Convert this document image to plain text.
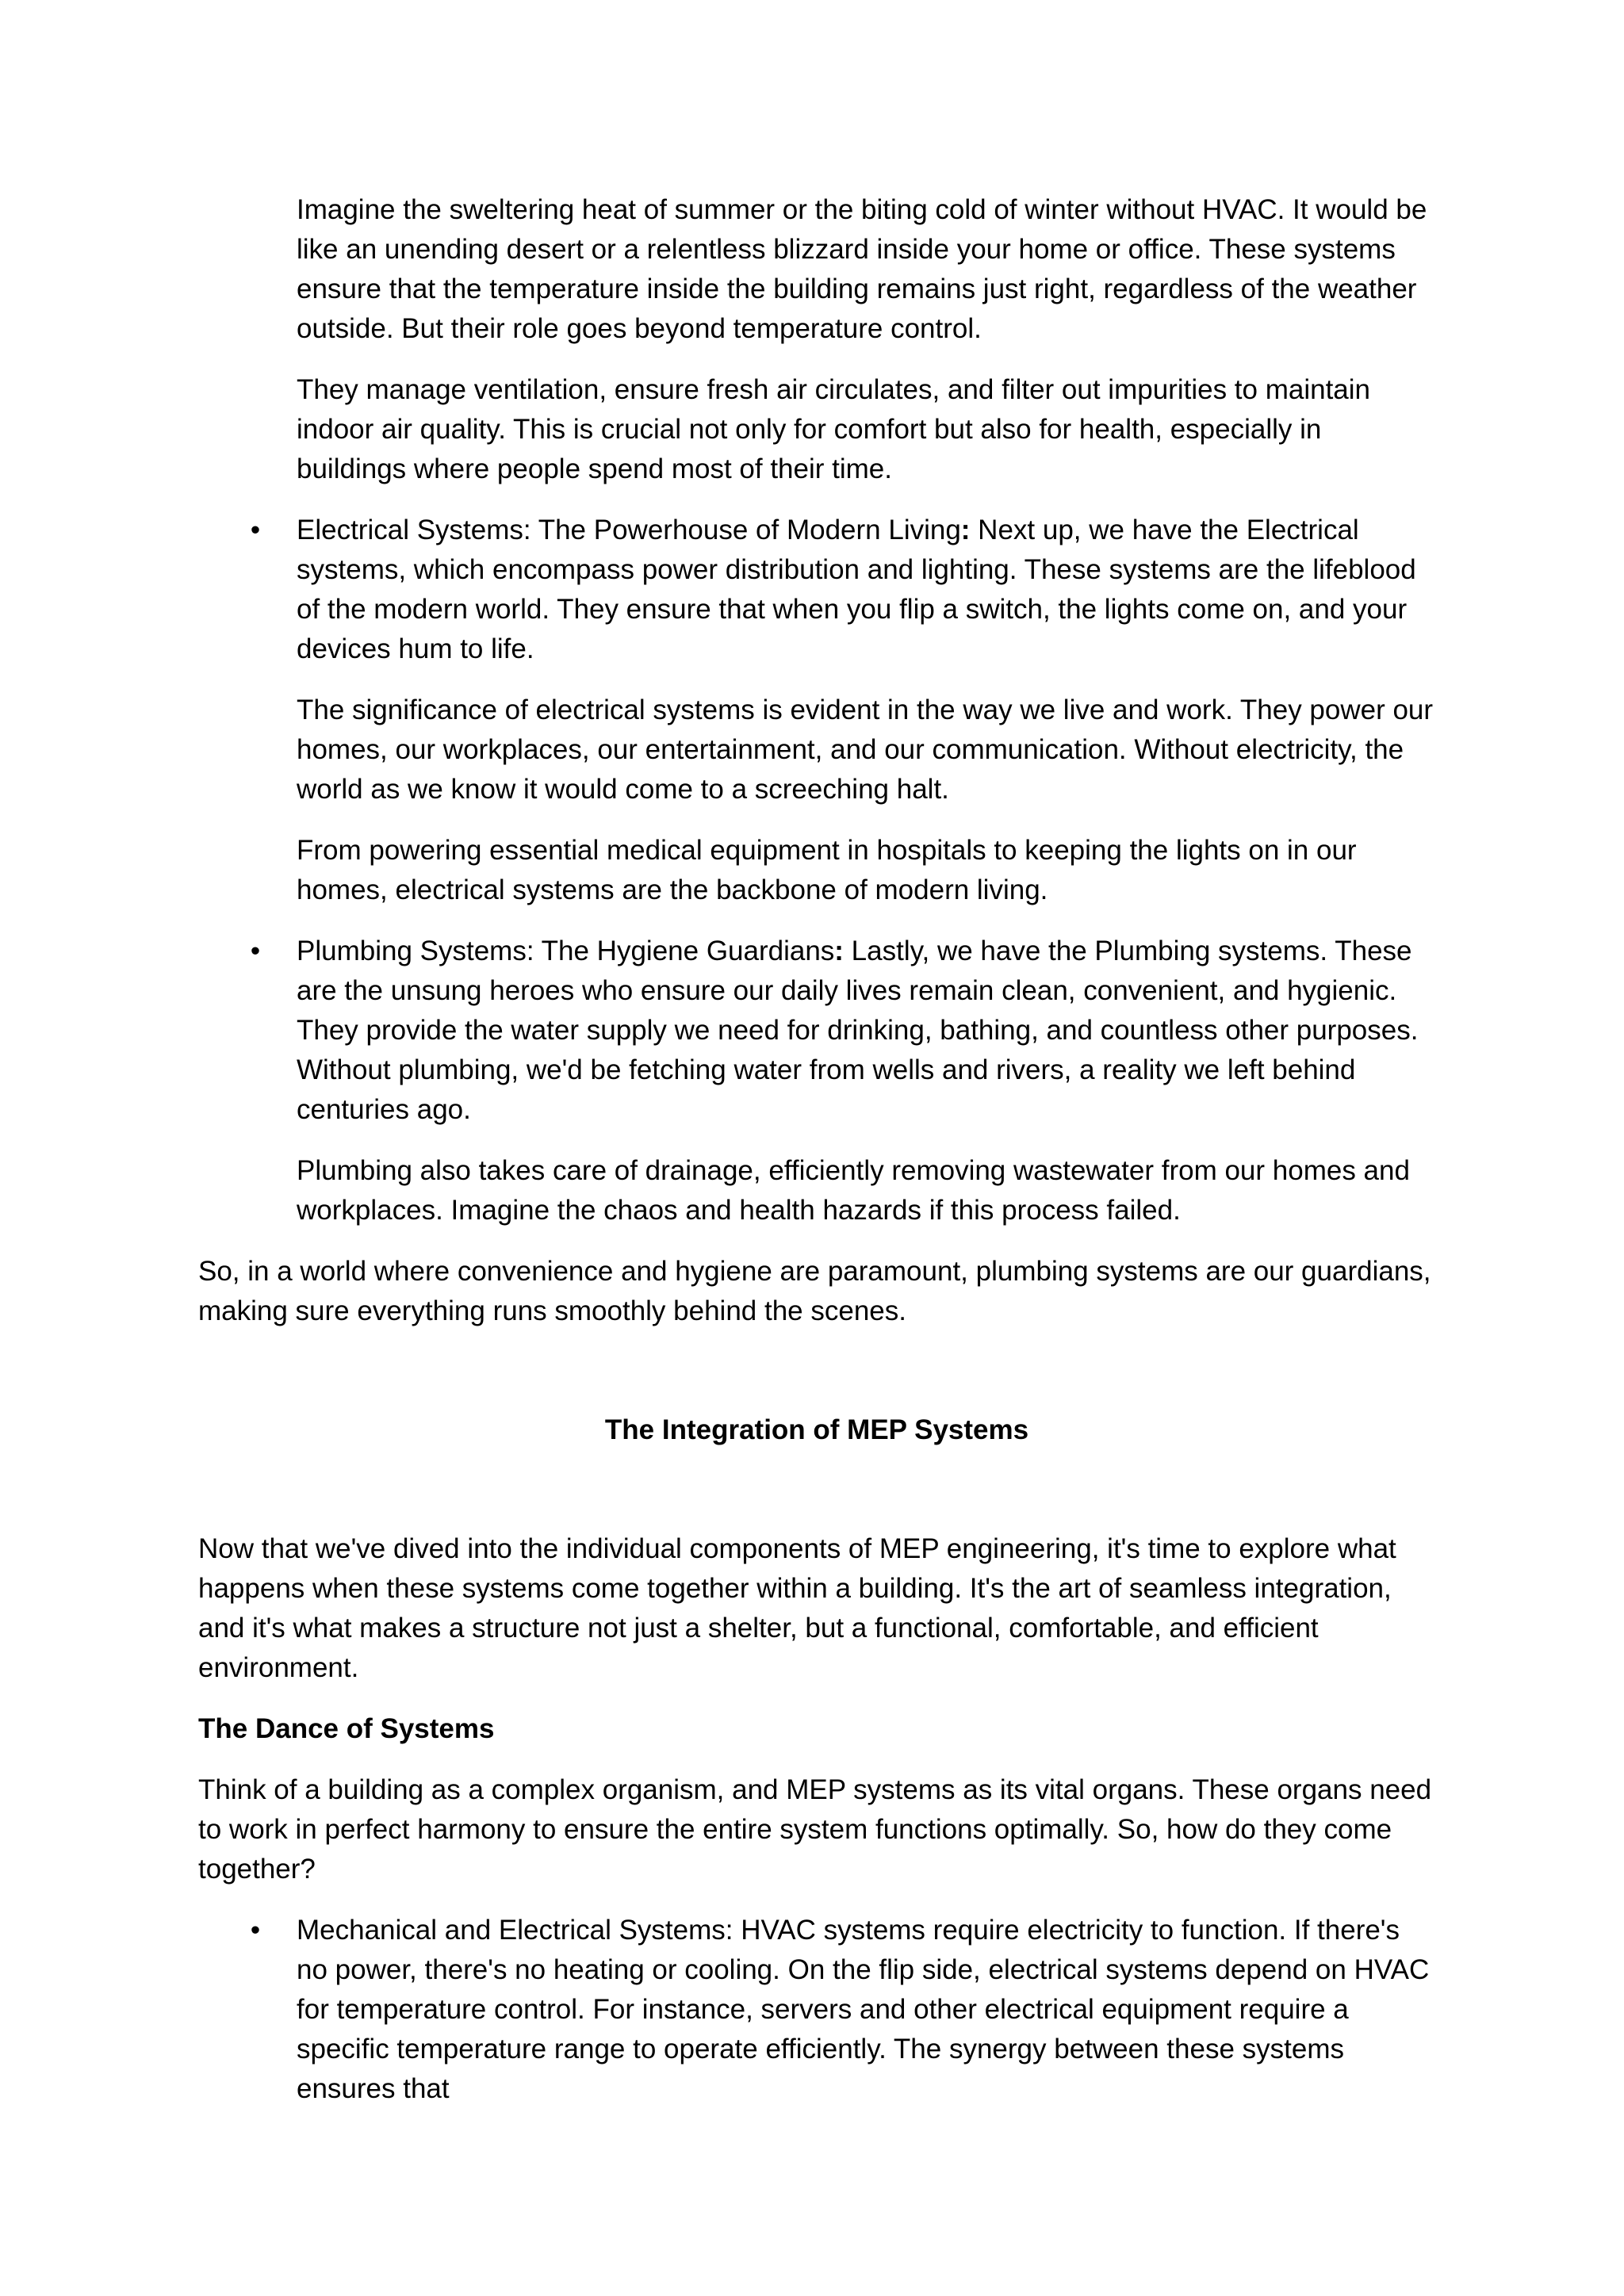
Imagine the sweltering heat of summer or the biting cold of winter without HVAC. It would be like an unending desert or a relentless blizzard inside your home or office. These systems ensure that the temperature inside the building remains just right, regardless of the weather outside. But their role goes beyond temperature control.

They manage ventilation, ensure fresh air circulates, and filter out impurities to maintain indoor air quality. This is crucial not only for comfort but also for health, especially in buildings where people spend most of their time.

• Electrical Systems: The Powerhouse of Modern Living: Next up, we have the Electrical systems, which encompass power distribution and lighting. These systems are the lifeblood of the modern world. They ensure that when you flip a switch, the lights come on, and your devices hum to life.

The significance of electrical systems is evident in the way we live and work. They power our homes, our workplaces, our entertainment, and our communication. Without electricity, the world as we know it would come to a screeching halt.

From powering essential medical equipment in hospitals to keeping the lights on in our homes, electrical systems are the backbone of modern living.

• Plumbing Systems: The Hygiene Guardians: Lastly, we have the Plumbing systems. These are the unsung heroes who ensure our daily lives remain clean, convenient, and hygienic. They provide the water supply we need for drinking, bathing, and countless other purposes. Without plumbing, we'd be fetching water from wells and rivers, a reality we left behind centuries ago.

Plumbing also takes care of drainage, efficiently removing wastewater from our homes and workplaces. Imagine the chaos and health hazards if this process failed.

So, in a world where convenience and hygiene are paramount, plumbing systems are our guardians, making sure everything runs smoothly behind the scenes.

The Integration of MEP Systems

Now that we've dived into the individual components of MEP engineering, it's time to explore what happens when these systems come together within a building. It's the art of seamless integration, and it's what makes a structure not just a shelter, but a functional, comfortable, and efficient environment.

The Dance of Systems

Think of a building as a complex organism, and MEP systems as its vital organs. These organs need to work in perfect harmony to ensure the entire system functions optimally. So, how do they come together?

• Mechanical and Electrical Systems: HVAC systems require electricity to function. If there's no power, there's no heating or cooling. On the flip side, electrical systems depend on HVAC for temperature control. For instance, servers and other electrical equipment require a specific temperature range to operate efficiently. The synergy between these systems ensures that
